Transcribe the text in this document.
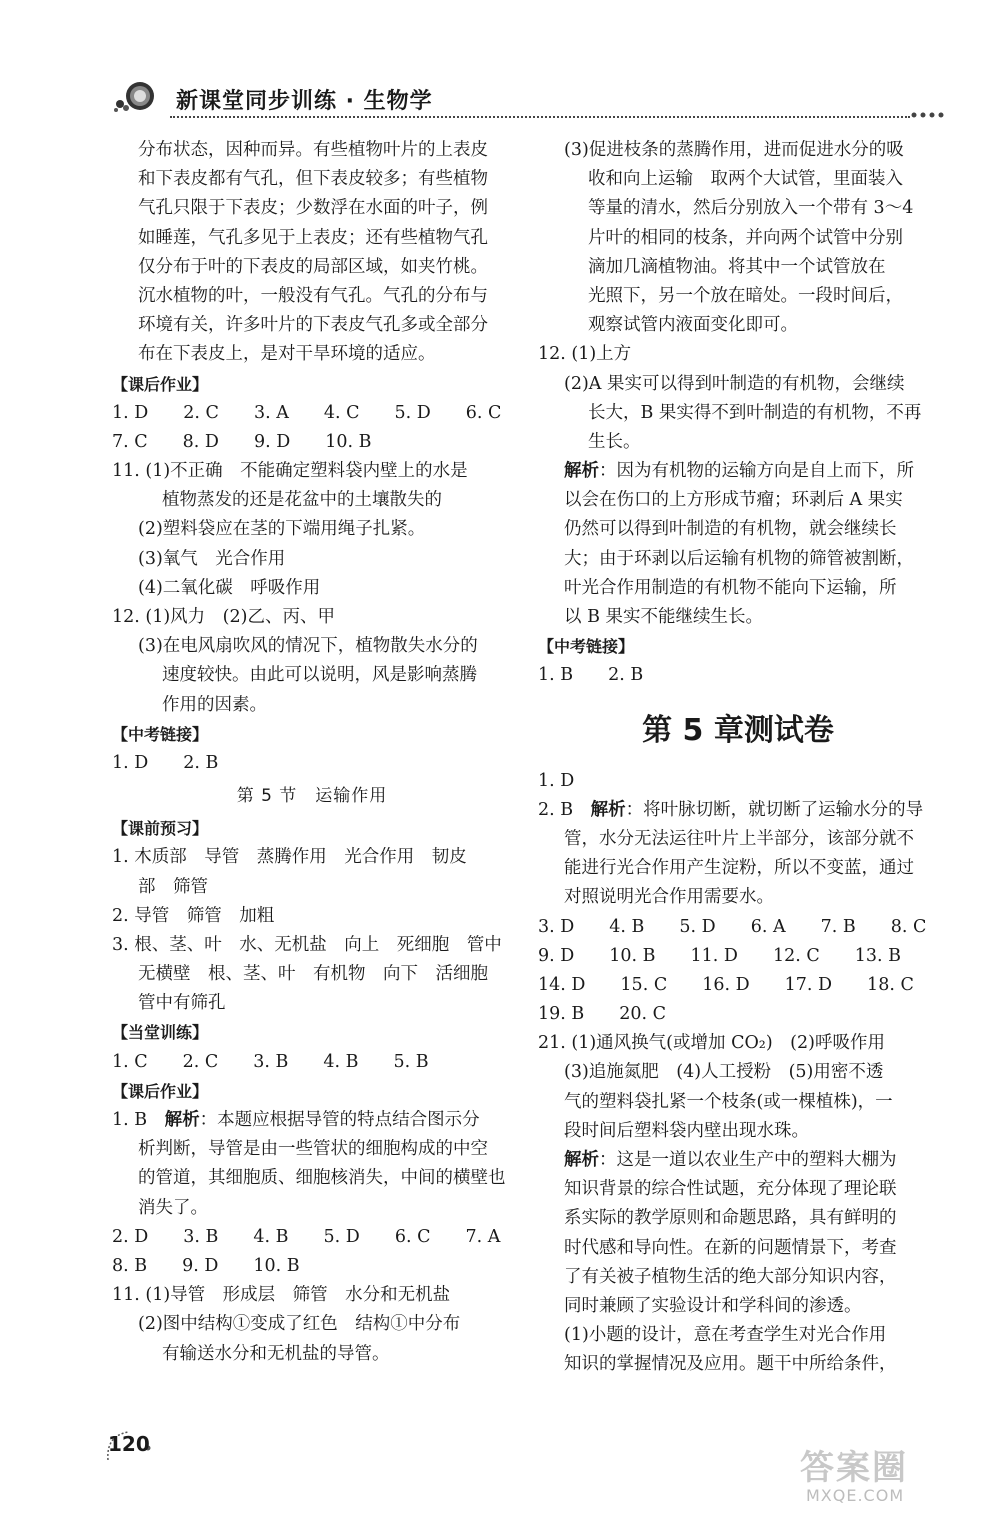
新课堂同步训练 · 生物学
分布状态，因种而异。有些植物叶片的上表皮
和下表皮都有气孔，但下表皮较多；有些植物
气孔只限于下表皮；少数浮在水面的叶子，例
如睡莲，气孔多见于上表皮；还有些植物气孔
仅分布于叶的下表皮的局部区域，如夹竹桃。
沉水植物的叶，一般没有气孔。气孔的分布与
环境有关，许多叶片的下表皮气孔多或全部分
布在下表皮上，是对干旱环境的适应。
【课后作业】
1. D　　2. C　　3. A　　4. C　　5. D　　6. C
7. C　　8. D　　9. D　　10. B
11. (1)不正确　不能确定塑料袋内壁上的水是
植物蒸发的还是花盆中的土壤散失的
(2)塑料袋应在茎的下端用绳子扎紧。
(3)氧气　光合作用
(4)二氧化碳　呼吸作用
12. (1)风力　(2)乙、丙、甲
(3)在电风扇吹风的情况下，植物散失水分的
速度较快。由此可以说明，风是影响蒸腾
作用的因素。
【中考链接】
1. D　　2. B
第 5 节　运输作用
【课前预习】
1. 木质部　导管　蒸腾作用　光合作用　韧皮
部　筛管
2. 导管　筛管　加粗
3. 根、茎、叶　水、无机盐　向上　死细胞　管中
无横壁　根、茎、叶　有机物　向下　活细胞
管中有筛孔
【当堂训练】
1. C　　2. C　　3. B　　4. B　　5. B
【课后作业】
1. B　解析：本题应根据导管的特点结合图示分
析判断，导管是由一些管状的细胞构成的中空
的管道，其细胞质、细胞核消失，中间的横壁也
消失了。
2. D　　3. B　　4. B　　5. D　　6. C　　7. A
8. B　　9. D　　10. B
11. (1)导管　形成层　筛管　水分和无机盐
(2)图中结构①变成了红色　结构①中分布
有输送水分和无机盐的导管。
(3)促进枝条的蒸腾作用，进而促进水分的吸
收和向上运输　取两个大试管，里面装入
等量的清水，然后分别放入一个带有 3～4
片叶的相同的枝条，并向两个试管中分别
滴加几滴植物油。将其中一个试管放在
光照下，另一个放在暗处。一段时间后，
观察试管内液面变化即可。
12. (1)上方
(2)A 果实可以得到叶制造的有机物，会继续
长大，B 果实得不到叶制造的有机物，不再
生长。
解析：因为有机物的运输方向是自上而下，所
以会在伤口的上方形成节瘤；环剥后 A 果实
仍然可以得到叶制造的有机物，就会继续长
大；由于环剥以后运输有机物的筛管被割断，
叶光合作用制造的有机物不能向下运输，所
以 B 果实不能继续生长。
【中考链接】
1. B　　2. B
第 5 章测试卷
1. D
2. B　解析：将叶脉切断，就切断了运输水分的导
管，水分无法运往叶片上半部分，该部分就不
能进行光合作用产生淀粉，所以不变蓝，通过
对照说明光合作用需要水。
3. D　　4. B　　5. D　　6. A　　7. B　　8. C
9. D　　10. B　　11. D　　12. C　　13. B
14. D　　15. C　　16. D　　17. D　　18. C
19. B　　20. C
21. (1)通风换气(或增加 CO₂)　(2)呼吸作用
(3)追施氮肥　(4)人工授粉　(5)用密不透
气的塑料袋扎紧一个枝条(或一棵植株)，一
段时间后塑料袋内壁出现水珠。
解析：这是一道以农业生产中的塑料大棚为
知识背景的综合性试题，充分体现了理论联
系实际的教学原则和命题思路，具有鲜明的
时代感和导向性。在新的问题情景下，考查
了有关被子植物生活的绝大部分知识内容，
同时兼顾了实验设计和学科间的渗透。
(1)小题的设计，意在考查学生对光合作用
知识的掌握情况及应用。题干中所给条件，
120
答案圈
MXQE.COM
